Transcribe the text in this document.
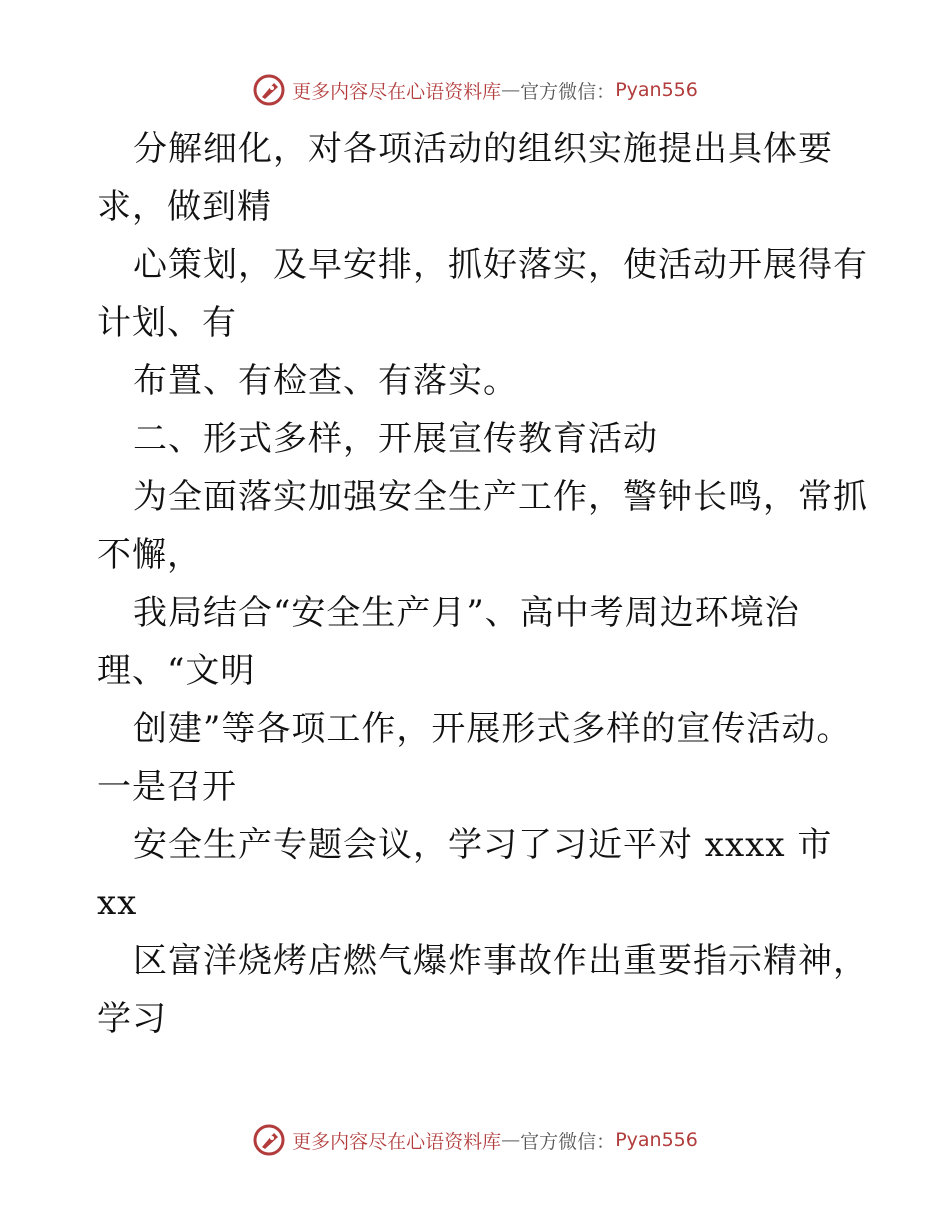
更多内容尽在心语资料库 — 官方微信： Pyan556
分解细化，对各项活动的组织实施提出具体要
求，做到精
心策划，及早安排，抓好落实，使活动开展得有
计划、有
布置、有检查、有落实。
二、形式多样，开展宣传教育活动
为全面落实加强安全生产工作，警钟长鸣，常抓
不懈，
我局结合“安全生产月”、高中考周边环境治
理、“文明
创建”等各项工作，开展形式多样的宣传活动。
一是召开
安全生产专题会议，学习了习近平对 xxxx 市
xx
区富洋烧烤店燃气爆炸事故作出重要指示精神，
学习
更多内容尽在心语资料库 — 官方微信： Pyan556
